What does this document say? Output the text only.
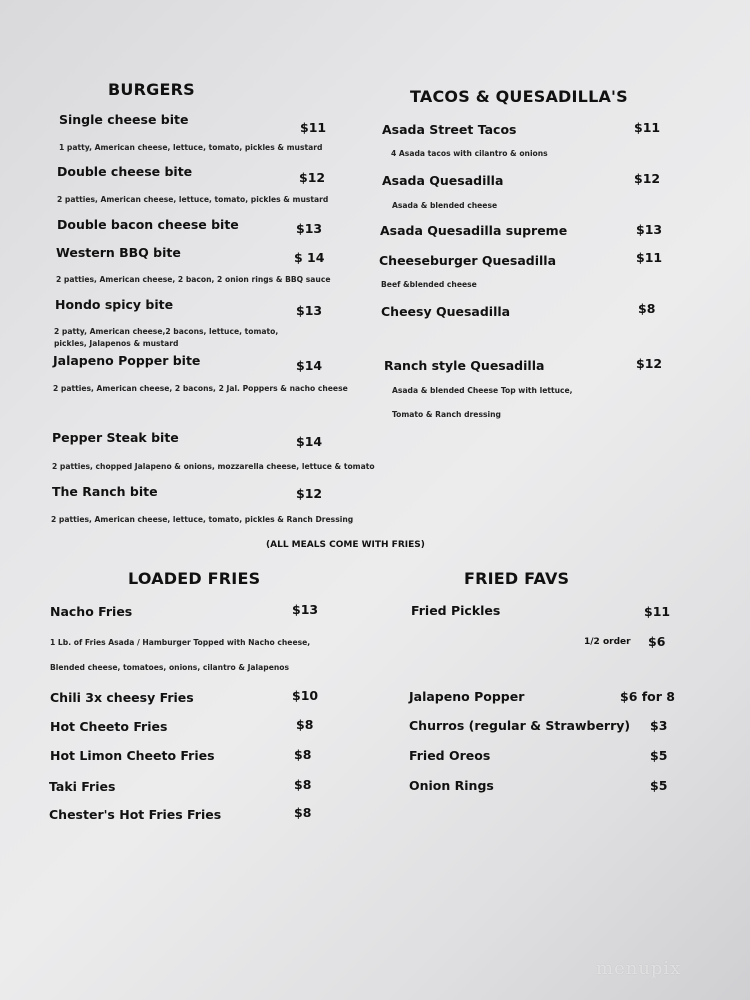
BURGERS
Single cheese bite
$11
1 patty, American cheese, lettuce, tomato, pickles & mustard
Double cheese bite	$12
2 patties, American cheese, lettuce, tomato, pickles & mustard
Double bacon cheese bite	$13
Western BBQ bite	$ 14
2 patties, American cheese, 2 bacon, 2 onion rings & BBQ sauce
Hondo spicy bite	$13
2 patty, American cheese,2 bacons, lettuce, tomato,
pickles, Jalapenos & mustard
Jalapeno Popper bite	$14
2 patties, American cheese, 2 bacons, 2 Jal. Poppers & nacho cheese
Pepper Steak bite	$14
2 patties, chopped Jalapeno & onions, mozzarella cheese, lettuce & tomato
The Ranch bite	$12
2 patties, American cheese, lettuce, tomato, pickles & Ranch Dressing
TACOS & QUESADILLA'S
Asada Street Tacos	$11
4 Asada tacos with cilantro & onions
Asada Quesadilla	$12
Asada & blended cheese
Asada Quesadilla supreme	$13
Cheeseburger Quesadilla	$11
Beef &blended cheese
Cheesy Quesadilla	$8
Ranch style Quesadilla	$12
Asada & blended Cheese Top with lettuce,
Tomato & Ranch dressing
(ALL MEALS COME WITH FRIES)
LOADED FRIES
Nacho Fries	$13
1 Lb. of Fries Asada / Hamburger Topped with Nacho cheese,
Blended cheese, tomatoes, onions, cilantro & Jalapenos
Chili 3x cheesy Fries	$10
Hot Cheeto Fries	$8
Hot Limon Cheeto Fries	$8
Taki Fries	$8
Chester's Hot Fries Fries	$8
FRIED FAVS
Fried Pickles	$11
1/2 order $6
Jalapeno Popper	$6 for 8
Churros (regular & Strawberry) $3
Fried Oreos	$5
Onion Rings	$5
menupix
